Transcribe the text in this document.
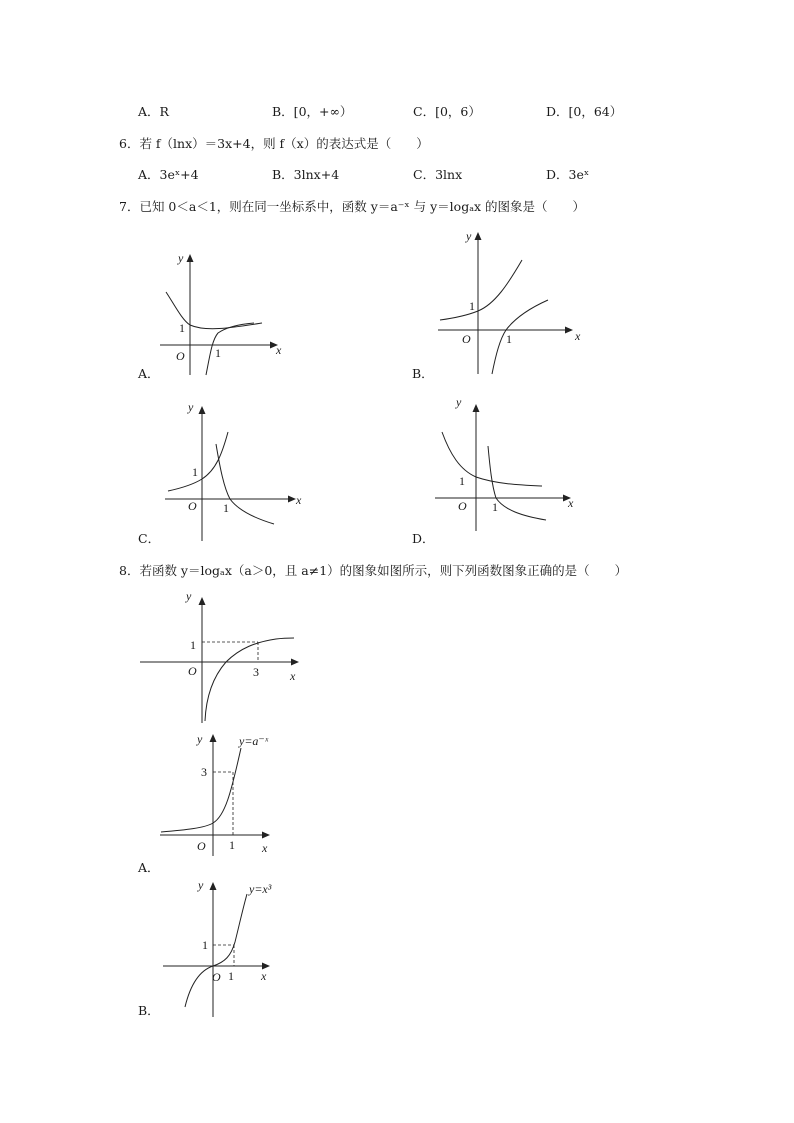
A．R	B．[0，+∞）	C．[0，6）	D．[0，64）
6．若 f（lnx）＝3x+4，则 f（x）的表达式是（　　）
A．3eˣ+4	B．3lnx+4	C．3lnx	D．3eˣ
7．已知 0＜a＜1，则在同一坐标系中，函数 y＝a⁻ˣ 与 y＝logₐx 的图象是（　　）
y
x
O
1
1
A．
y
x
O
1
1
B．
y
x
O
1
1
C．
y
x
O
1
1
D．
8．若函数 y＝logₐx（a＞0，且 a≠1）的图象如图所示，则下列函数图象正确的是（　　）
y
x
O
1
3
y
x
O
3
1
y=a⁻ˣ
A．
y
x
O
1
1
y=x³
B．
